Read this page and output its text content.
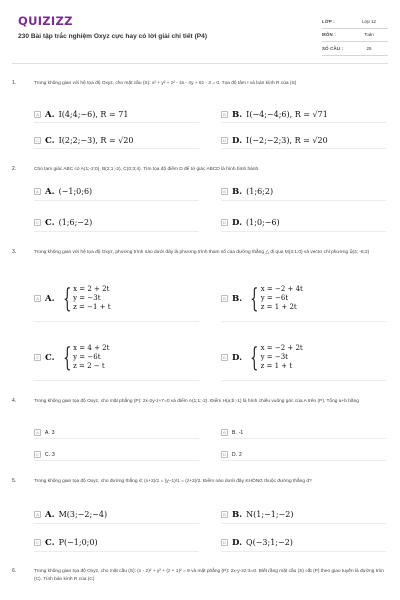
QUIZIZZ
230 Bài tập trắc nghiệm Oxyz cực hay có lời giải chi tiết (P4)
LỚP :	Lớp 12
MÔN :	Toán
SỐ CÂU :	25
1.	Trong không gian với hệ tọa độ Oxyz, cho mặt cầu (S): x² + y² + z² - 4x - 4y + 6z - 3 = 0. Tọa độ tâm I và bán kính R của (S)
A A. I(4;4;−6), R = 71	B B. I(−4;−4;6), R = √71
C C. I(2;2;−3), R = √20	D D. I(−2;−2;3), R = √20
2.	Cho tam giác ABC có A(1;-2;0), B(2;1;-2), C(0;3;4). Tìm tọa độ điểm D để tứ giác ABCD là hình bình hành.
A A. (−1;0;6)	B B. (1;6;2)
C C. (1;6;−2)	D D. (1;0;−6)
3.	Trong không gian với hệ tọa độ Oxyz, phương trình nào dưới đây là phương trình tham số của đường thẳng △ đi qua M(2;1;0) và vectơ chỉ phương u⃗(4; -6;2)
A A. { x = 2 + 2t
y = −3t
z = −1 + t
B B. { x = −2 + 4t
y = −6t
z = 1 + 2t
C C. { x = 4 + 2t
y = −6t
z = 2 − t
D D. { x = −2 + 2t
y = −3t
z = 1 + t
4.	Trong không gian tọa độ Oxyz, cho mặt phẳng (P): 2x-2y-z+7=0 và điểm A(1;1;-2). Điểm H(a;b;-1) là hình chiếu vuông góc của A trên (P). Tổng a+b bằng
A	A. 3	B	B. -1
C	C. 3	D	D. 2
5.	Trong không gian tọa độ Oxyz, cho đường thẳng d: (x+2)/1 = (y−1)/1 = (z+2)/2. Điểm nào dưới đây KHÔNG thuộc đường thẳng d?
A A. M(3;−2;−4)	B B. N(1;−1;−2)
C C. P(−1;0;0)	D D. Q(−3;1;−2)
6.	Trong không gian tọa độ Oxyz, cho mặt cầu (S): (x - 2)² + y² + (z + 1)² = 9 và mặt phẳng (P): 2x-y-2z-3=0. Biết rằng mặt cầu (S) cắt (P) theo giao tuyến là đường tròn (C). Tính bán kính R của (C)
